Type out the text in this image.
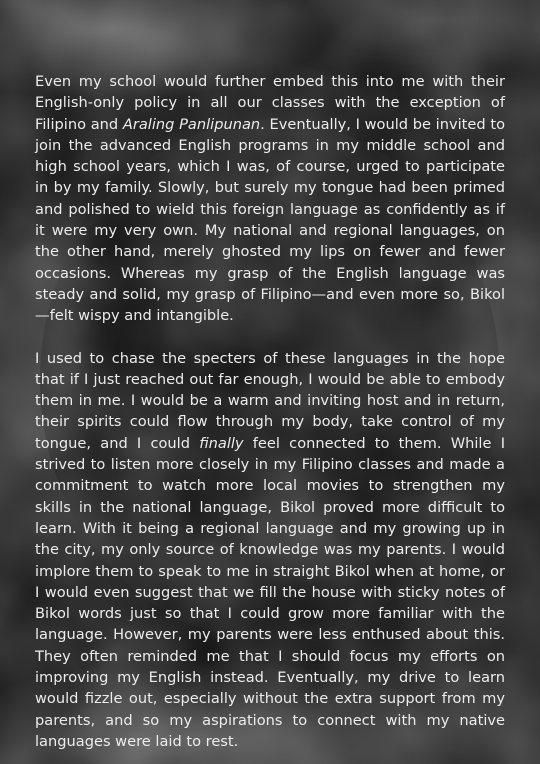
Even my school would further embed this into me with their English-only policy in all our classes with the exception of Filipino and Araling Panlipunan. Eventually, I would be invited to join the advanced English programs in my middle school and high school years, which I was, of course, urged to participate in by my family. Slowly, but surely my tongue had been primed and polished to wield this foreign language as confidently as if it were my very own. My national and regional languages, on the other hand, merely ghosted my lips on fewer and fewer occasions. Whereas my grasp of the English language was steady and solid, my grasp of Filipino—and even more so, Bikol—felt wispy and intangible.

I used to chase the specters of these languages in the hope that if I just reached out far enough, I would be able to embody them in me. I would be a warm and inviting host and in return, their spirits could flow through my body, take control of my tongue, and I could finally feel connected to them. While I strived to listen more closely in my Filipino classes and made a commitment to watch more local movies to strengthen my skills in the national language, Bikol proved more difficult to learn. With it being a regional language and my growing up in the city, my only source of knowledge was my parents. I would implore them to speak to me in straight Bikol when at home, or I would even suggest that we fill the house with sticky notes of Bikol words just so that I could grow more familiar with the language. However, my parents were less enthused about this. They often reminded me that I should focus my efforts on improving my English instead. Eventually, my drive to learn would fizzle out, especially without the extra support from my parents, and so my aspirations to connect with my native languages were laid to rest.
